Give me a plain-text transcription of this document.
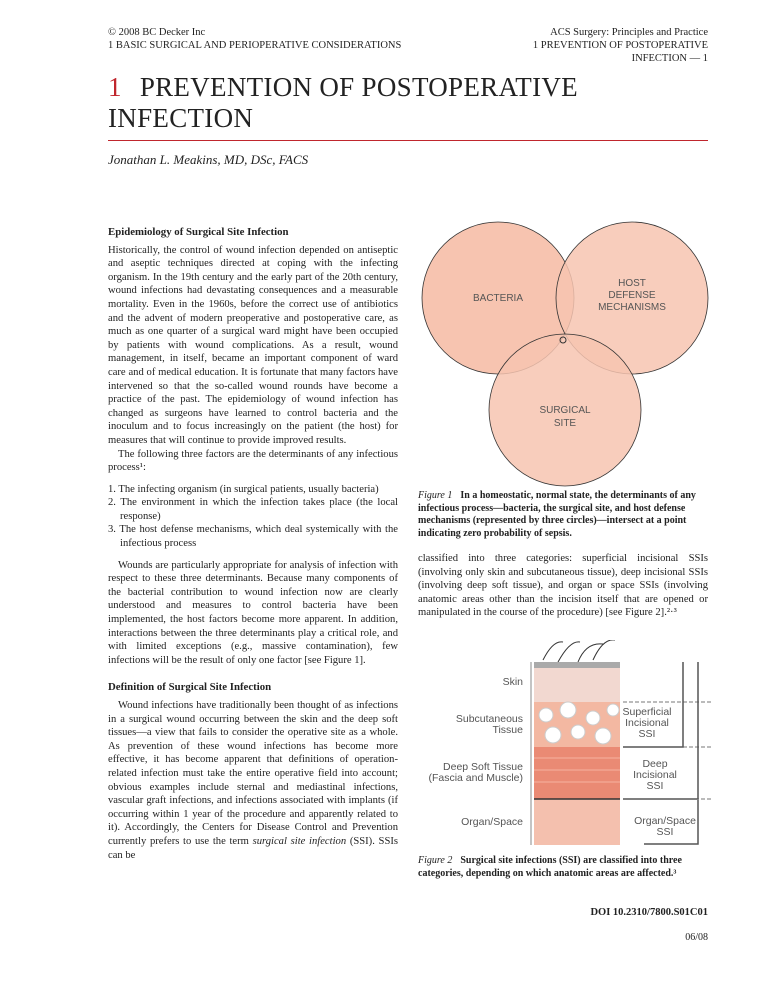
© 2008 BC Decker Inc
1 BASIC SURGICAL AND PERIOPERATIVE CONSIDERATIONS
ACS Surgery: Principles and Practice
1 PREVENTION OF POSTOPERATIVE
INFECTION — 1
1 PREVENTION OF POSTOPERATIVE
INFECTION
Jonathan L. Meakins, MD, DSc, FACS
Epidemiology of Surgical Site Infection

Historically, the control of wound infection depended on antiseptic and aseptic techniques directed at coping with the infecting organism. In the 19th century and the early part of the 20th century, wound infections had devastating consequences and a measurable mortality. Even in the 1960s, before the correct use of antibiotics and the advent of modern preoperative and postoperative care, as much as one quarter of a surgical ward might have been occupied by patients with wound complications. As a result, wound management, in itself, became an important component of ward care and of medical education. It is fortunate that many factors have intervened so that the so-called wound rounds have become a practice of the past. The epidemiology of wound infection has changed as surgeons have learned to control bacteria and the inoculum and to focus increasingly on the patient (the host) for measures that will continue to provide improved results.

The following three factors are the determinants of any infectious process¹:

1. The infecting organism (in surgical patients, usually bacteria)
2. The environment in which the infection takes place (the local response)
3. The host defense mechanisms, which deal systemically with the infectious process

Wounds are particularly appropriate for analysis of infection with respect to these three determinants. Because many components of the bacterial contribution to wound infection now are clearly understood and measures to control bacteria have been implemented, the host factors become more apparent. In addition, interactions between the three determinants play a critical role, and with limited exceptions (e.g., massive contamination), few infections will be the result of only one factor [see Figure 1].

Definition of Surgical Site Infection

Wound infections have traditionally been thought of as infections in a surgical wound occurring between the skin and the deep soft tissues—a view that fails to consider the operative site as a whole. As prevention of these wound infections has become more effective, it has become apparent that definitions of operation-related infection must take the entire operative field into account; obvious examples include sternal and mediastinal infections, vascular graft infections, and infections associated with implants (if occurring within 1 year of the procedure and apparently related to it). Accordingly, the Centers for Disease Control and Prevention currently prefers to use the term surgical site infection (SSI). SSIs can be

BACTERIA
HOST
DEFENSE
MECHANISMS
SURGICAL
SITE
Figure 1 In a homeostatic, normal state, the determinants of any infectious process—bacteria, the surgical site, and host defense mechanisms (represented by three circles)—intersect at a point indicating zero probability of sepsis.
classified into three categories: superficial incisional SSIs (involving only skin and subcutaneous tissue), deep incisional SSIs (involving deep soft tissue), and organ or space SSIs (involving anatomic areas other than the incision itself that are opened or manipulated in the course of the procedure) [see Figure 2].²·³
Skin
Subcutaneous
Tissue
Deep Soft Tissue
(Fascia and Muscle)
Organ/Space
Superficial
Incisional
SSI
Deep
Incisional
SSI
Organ/Space
SSI
Figure 2 Surgical site infections (SSI) are classified into three categories, depending on which anatomic areas are affected.³
DOI 10.2310/7800.S01C01
06/08
